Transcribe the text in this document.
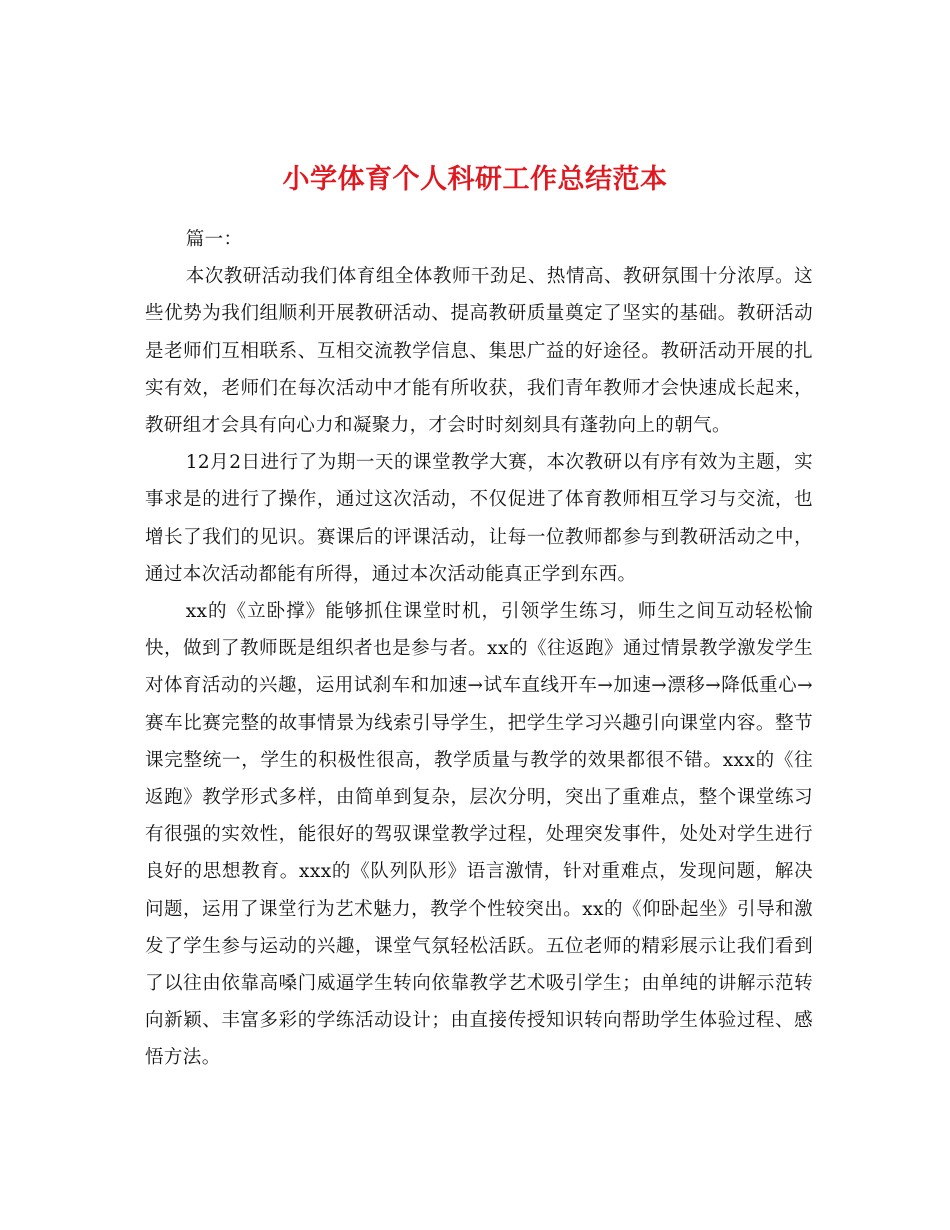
小学体育个人科研工作总结范本
篇一：

本次教研活动我们体育组全体教师干劲足、热情高、教研氛围十分浓厚。这些优势为我们组顺利开展教研活动、提高教研质量奠定了坚实的基础。教研活动是老师们互相联系、互相交流教学信息、集思广益的好途径。教研活动开展的扎实有效，老师们在每次活动中才能有所收获，我们青年教师才会快速成长起来，教研组才会具有向心力和凝聚力，才会时时刻刻具有蓬勃向上的朝气。

12月2日进行了为期一天的课堂教学大赛，本次教研以有序有效为主题，实事求是的进行了操作，通过这次活动，不仅促进了体育教师相互学习与交流，也增长了我们的见识。赛课后的评课活动，让每一位教师都参与到教研活动之中，通过本次活动都能有所得，通过本次活动能真正学到东西。

xx的《立卧撑》能够抓住课堂时机，引领学生练习，师生之间互动轻松愉快，做到了教师既是组织者也是参与者。xx的《往返跑》通过情景教学激发学生对体育活动的兴趣，运用试刹车和加速→试车直线开车→加速→漂移→降低重心→赛车比赛完整的故事情景为线索引导学生，把学生学习兴趣引向课堂内容。整节课完整统一，学生的积极性很高，教学质量与教学的效果都很不错。xxx的《往返跑》教学形式多样，由简单到复杂，层次分明，突出了重难点，整个课堂练习有很强的实效性，能很好的驾驭课堂教学过程，处理突发事件，处处对学生进行良好的思想教育。xxx的《队列队形》语言激情，针对重难点，发现问题，解决问题，运用了课堂行为艺术魅力，教学个性较突出。xx的《仰卧起坐》引导和激发了学生参与运动的兴趣，课堂气氛轻松活跃。五位老师的精彩展示让我们看到了以往由依靠高嗓门威逼学生转向依靠教学艺术吸引学生；由单纯的讲解示范转向新颖、丰富多彩的学练活动设计；由直接传授知识转向帮助学生体验过程、感悟方法。
